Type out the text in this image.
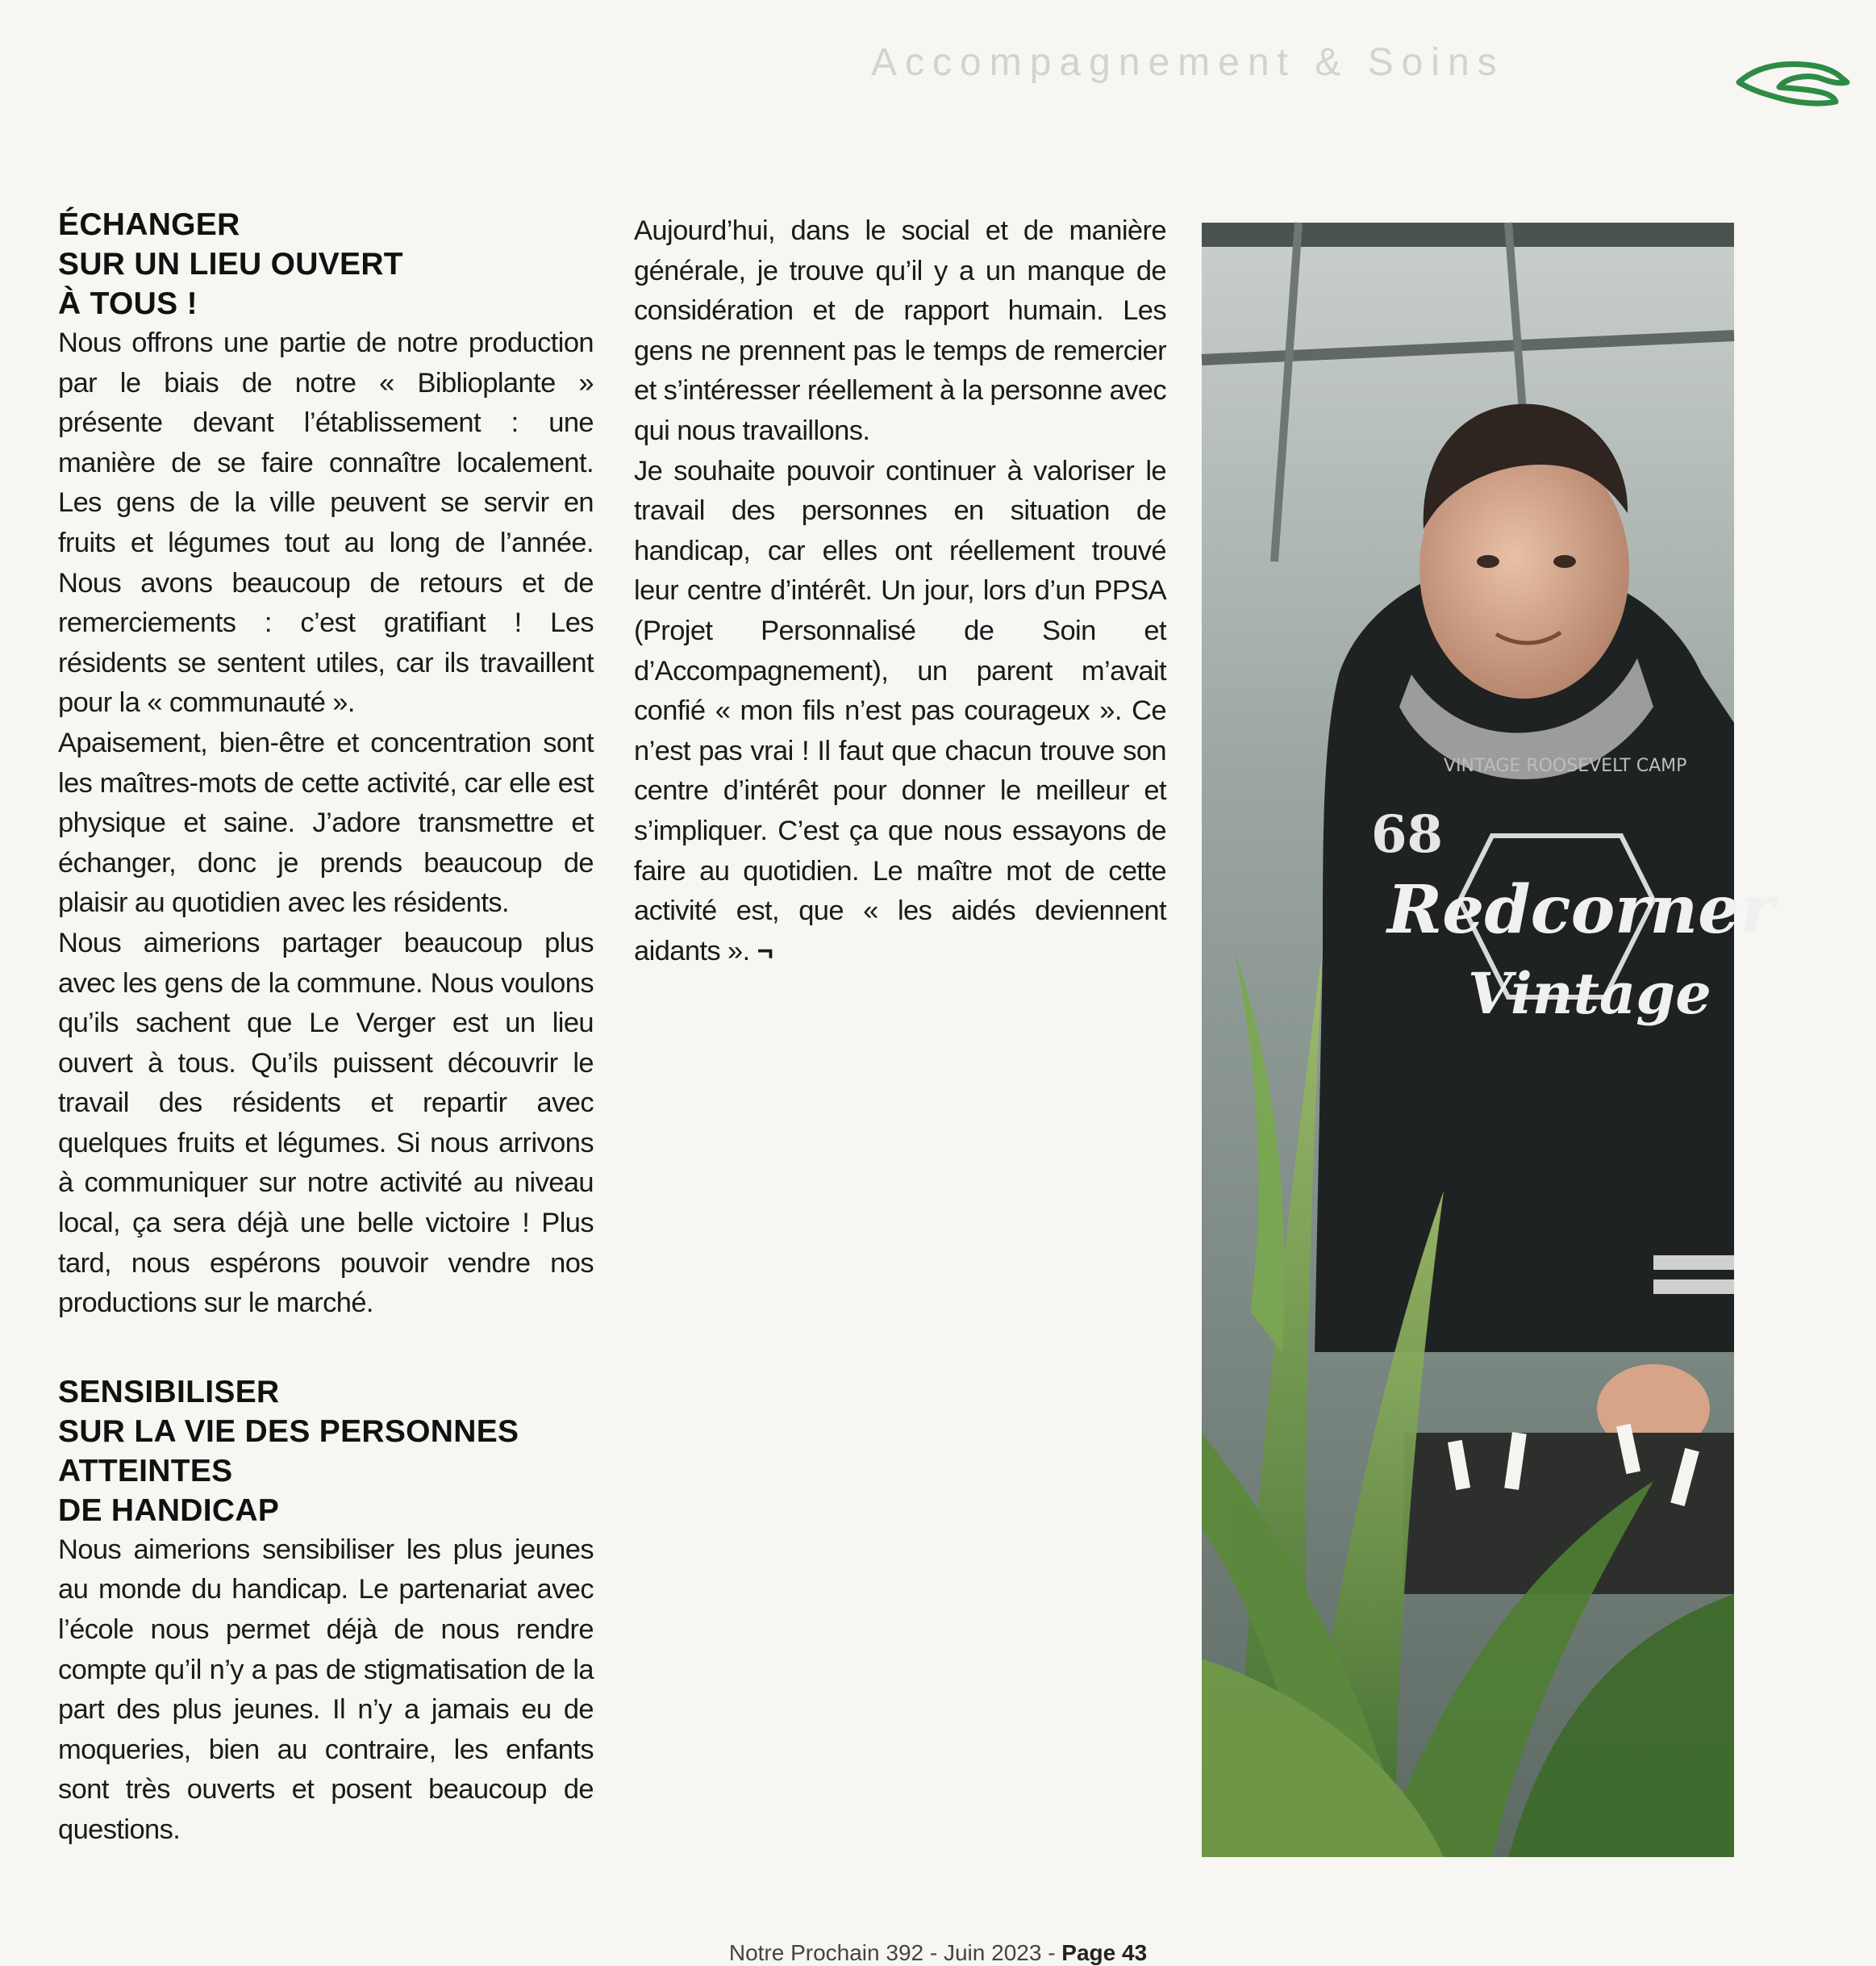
Accompagnement & Soins
ÉCHANGER
SUR UN LIEU OUVERT
À TOUS !

Nous offrons une partie de notre production par le biais de notre « Biblioplante » présente devant l’établissement : une manière de se faire connaître localement. Les gens de la ville peuvent se servir en fruits et légumes tout au long de l’année. Nous avons beaucoup de retours et de remerciements : c’est gratifiant ! Les résidents se sentent utiles, car ils travaillent pour la « communauté ».

Apaisement, bien-être et concentration sont les maîtres-mots de cette activité, car elle est physique et saine. J’adore transmettre et échanger, donc je prends beaucoup de plaisir au quotidien avec les résidents.

Nous aimerions partager beaucoup plus avec les gens de la commune. Nous voulons qu’ils sachent que Le Verger est un lieu ouvert à tous. Qu’ils puissent découvrir le travail des résidents et repartir avec quelques fruits et légumes. Si nous arrivons à communiquer sur notre activité au niveau local, ça sera déjà une belle victoire ! Plus tard, nous espérons pouvoir vendre nos productions sur le marché.

SENSIBILISER
SUR LA VIE DES PERSONNES
ATTEINTES
DE HANDICAP

Nous aimerions sensibiliser les plus jeunes au monde du handicap. Le partenariat avec l’école nous permet déjà de nous rendre compte qu’il n’y a pas de stigmatisation de la part des plus jeunes. Il n’y a jamais eu de moqueries, bien au contraire, les enfants sont très ouverts et posent beaucoup de questions.

Aujourd’hui, dans le social et de manière générale, je trouve qu’il y a un manque de considération et de rapport humain. Les gens ne prennent pas le temps de remercier et s’intéresser réellement à la personne avec qui nous travaillons.

Je souhaite pouvoir continuer à valoriser le travail des personnes en situation de handicap, car elles ont réellement trouvé leur centre d’intérêt. Un jour, lors d’un PPSA (Projet Personnalisé de Soin et d’Accompagnement), un parent m’avait confié « mon fils n’est pas courageux ». Ce n’est pas vrai ! Il faut que chacun trouve son centre d’intérêt pour donner le meilleur et s’impliquer. C’est ça que nous essayons de faire au quotidien. Le maître mot de cette activité est, que « les aidés deviennent aidants ». ¬

68
Redcorner
Vintage
VINTAGE ROOSEVELT CAMP
Notre Prochain 392 - Juin 2023 - Page 43
